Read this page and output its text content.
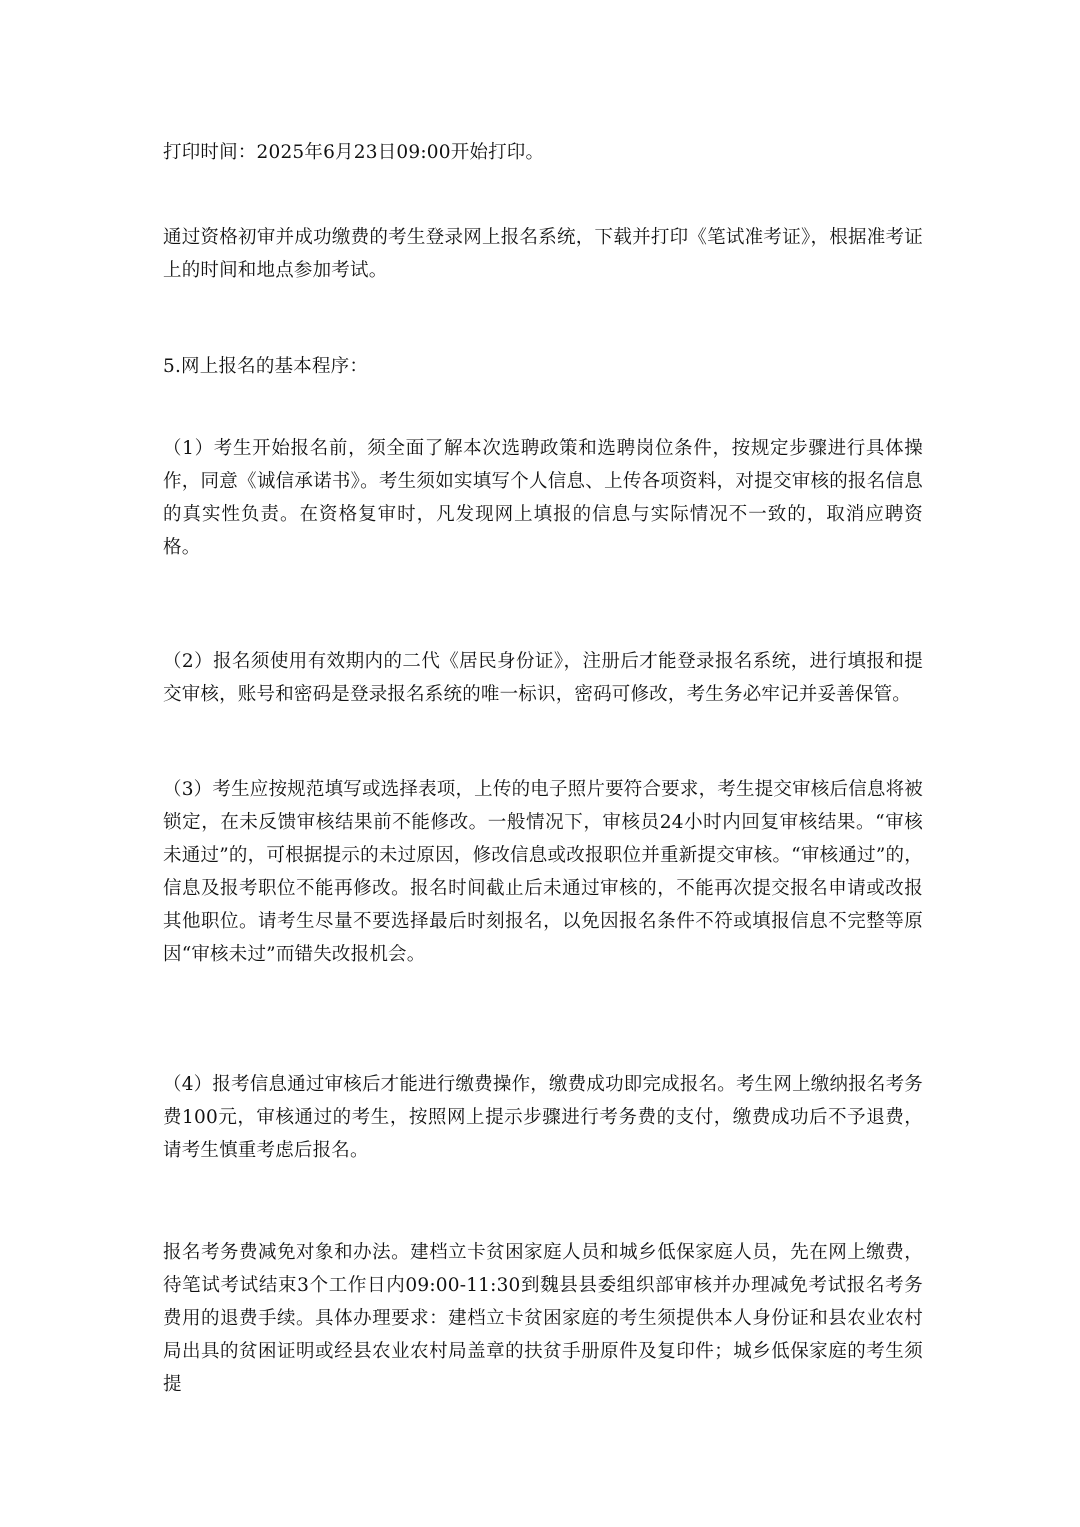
打印时间：2025年6月23日09:00开始打印。

通过资格初审并成功缴费的考生登录网上报名系统，下载并打印《笔试准考证》，根据准考证上的时间和地点参加考试。

5.网上报名的基本程序：

（1）考生开始报名前，须全面了解本次选聘政策和选聘岗位条件，按规定步骤进行具体操作，同意《诚信承诺书》。考生须如实填写个人信息、上传各项资料，对提交审核的报名信息的真实性负责。在资格复审时，凡发现网上填报的信息与实际情况不一致的，取消应聘资格。

（2）报名须使用有效期内的二代《居民身份证》，注册后才能登录报名系统，进行填报和提交审核，账号和密码是登录报名系统的唯一标识，密码可修改，考生务必牢记并妥善保管。

（3）考生应按规范填写或选择表项，上传的电子照片要符合要求，考生提交审核后信息将被锁定，在未反馈审核结果前不能修改。一般情况下，审核员24小时内回复审核结果。“审核未通过”的，可根据提示的未过原因，修改信息或改报职位并重新提交审核。“审核通过”的，信息及报考职位不能再修改。报名时间截止后未通过审核的，不能再次提交报名申请或改报其他职位。请考生尽量不要选择最后时刻报名，以免因报名条件不符或填报信息不完整等原因“审核未过”而错失改报机会。

（4）报考信息通过审核后才能进行缴费操作，缴费成功即完成报名。考生网上缴纳报名考务费100元，审核通过的考生，按照网上提示步骤进行考务费的支付，缴费成功后不予退费，请考生慎重考虑后报名。

报名考务费减免对象和办法。建档立卡贫困家庭人员和城乡低保家庭人员，先在网上缴费，待笔试考试结束3个工作日内09:00-11:30到魏县县委组织部审核并办理减免考试报名考务费用的退费手续。具体办理要求：建档立卡贫困家庭的考生须提供本人身份证和县农业农村局出具的贫困证明或经县农业农村局盖章的扶贫手册原件及复印件；城乡低保家庭的考生须提
